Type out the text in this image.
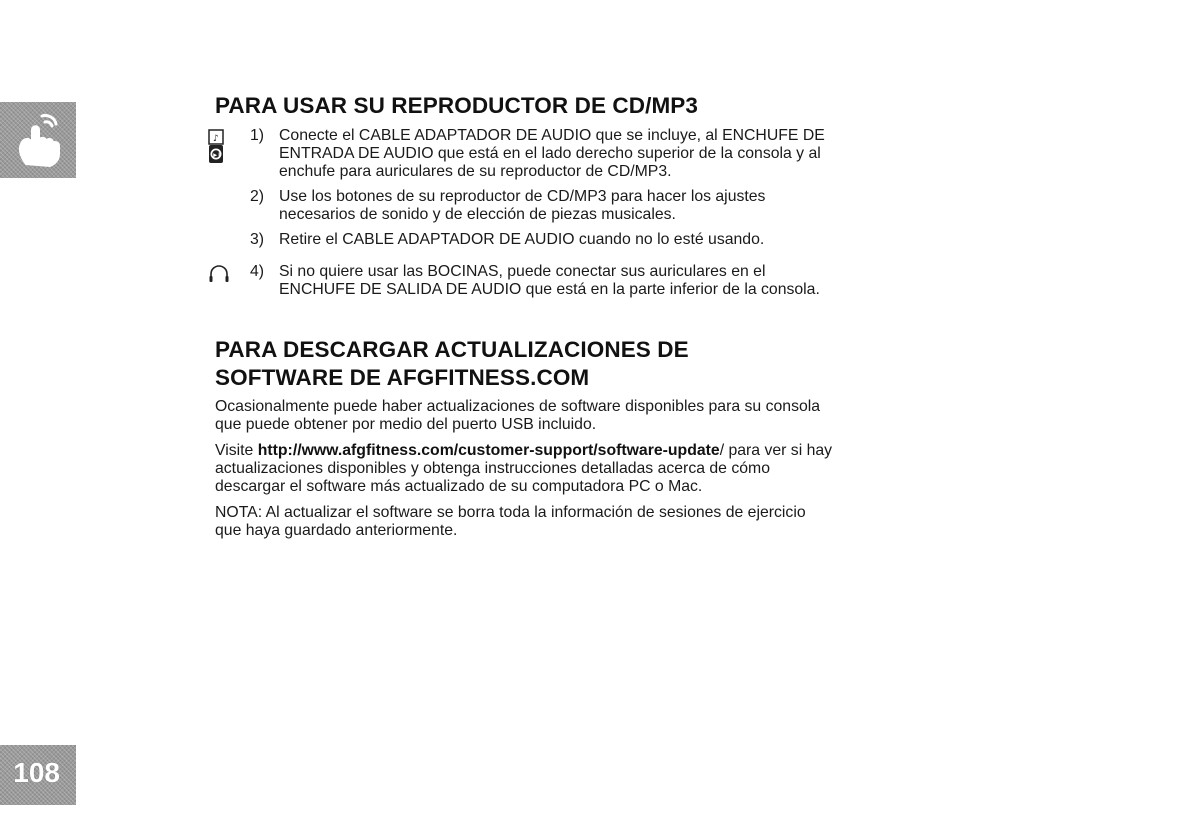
108
PARA USAR SU REPRODUCTOR DE CD/MP3
♪
▶❙
1) Conecte el CABLE ADAPTADOR DE AUDIO que se incluye, al ENCHUFE DE ENTRADA DE AUDIO que está en el lado derecho superior de la consola y al enchufe para auriculares de su reproductor de CD/MP3.
2) Use los botones de su reproductor de CD/MP3 para hacer los ajustes necesarios de sonido y de elección de piezas musicales.
3) Retire el CABLE ADAPTADOR DE AUDIO cuando no lo esté usando.
4) Si no quiere usar las BOCINAS, puede conectar sus auriculares en el ENCHUFE DE SALIDA DE AUDIO que está en la parte inferior de la consola.
PARA DESCARGAR ACTUALIZACIONES DE
SOFTWARE DE AFGFITNESS.COM

Ocasionalmente puede haber actualizaciones de software disponibles para su consola que puede obtener por medio del puerto USB incluido.

Visite http://www.afgfitness.com/customer-support/software-update/ para ver si hay actualizaciones disponibles y obtenga instrucciones detalladas acerca de cómo descargar el software más actualizado de su computadora PC o Mac.

NOTA: Al actualizar el software se borra toda la información de sesiones de ejercicio que haya guardado anteriormente.
